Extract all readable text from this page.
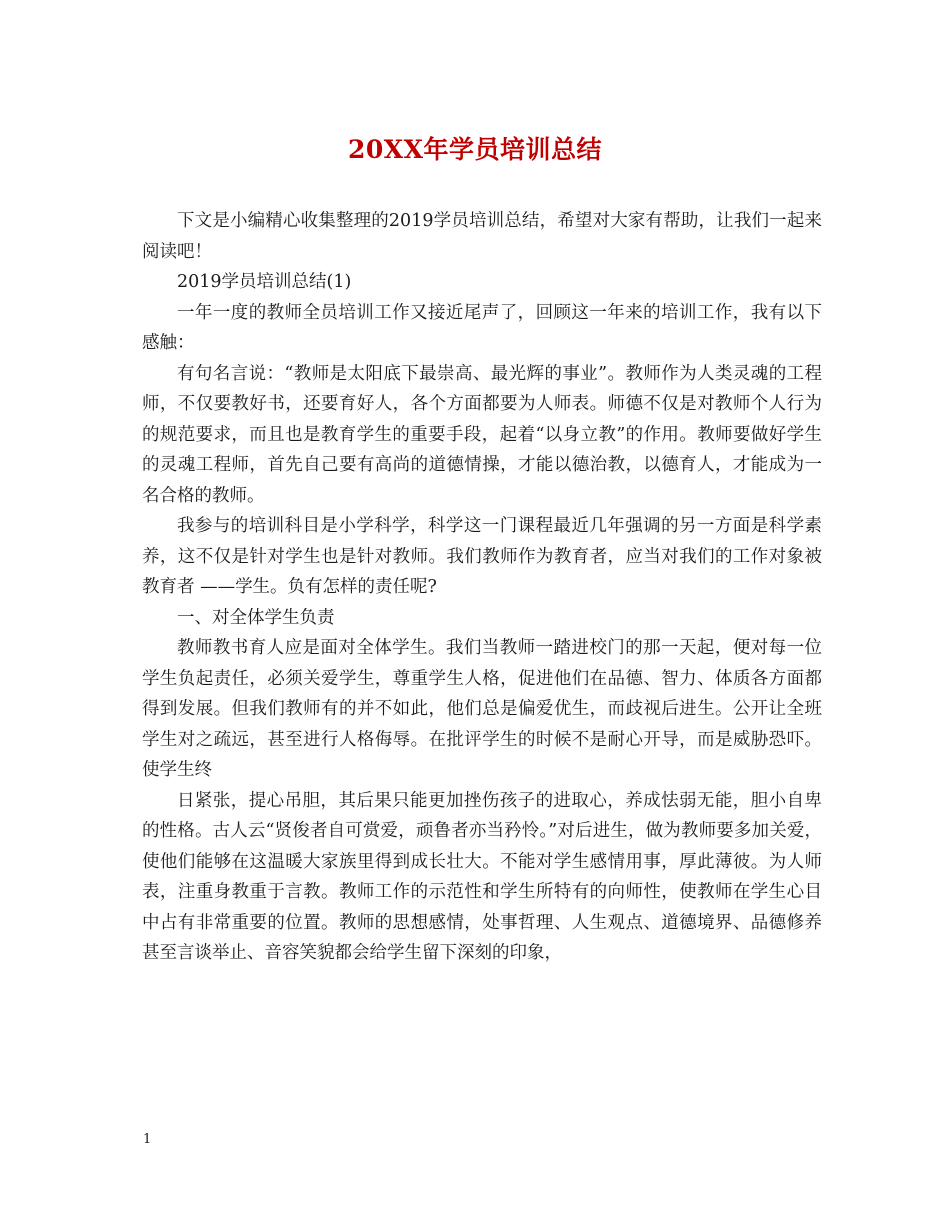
20XX年学员培训总结

下文是小编精心收集整理的2019学员培训总结，希望对大家有帮助，让我们一起来阅读吧！

2019学员培训总结(1)

一年一度的教师全员培训工作又接近尾声了，回顾这一年来的培训工作，我有以下感触：

有句名言说：“教师是太阳底下最崇高、最光辉的事业”。教师作为人类灵魂的工程师，不仅要教好书，还要育好人，各个方面都要为人师表。师德不仅是对教师个人行为的规范要求，而且也是教育学生的重要手段，起着“以身立教”的作用。教师要做好学生的灵魂工程师，首先自己要有高尚的道德情操，才能以德治教，以德育人，才能成为一名合格的教师。

我参与的培训科目是小学科学，科学这一门课程最近几年强调的另一方面是科学素养，这不仅是针对学生也是针对教师。我们教师作为教育者，应当对我们的工作对象被教育者 ——学生。负有怎样的责任呢?

一、对全体学生负责

教师教书育人应是面对全体学生。我们当教师一踏进校门的那一天起，便对每一位学生负起责任，必须关爱学生，尊重学生人格，促进他们在品德、智力、体质各方面都得到发展。但我们教师有的并不如此，他们总是偏爱优生，而歧视后进生。公开让全班学生对之疏远，甚至进行人格侮辱。在批评学生的时候不是耐心开导，而是威胁恐吓。使学生终

日紧张，提心吊胆，其后果只能更加挫伤孩子的进取心，养成怯弱无能，胆小自卑的性格。古人云“贤俊者自可赏爱，顽鲁者亦当矜怜。”对后进生，做为教师要多加关爱，使他们能够在这温暖大家族里得到成长壮大。不能对学生感情用事，厚此薄彼。为人师表，注重身教重于言教。教师工作的示范性和学生所特有的向师性，使教师在学生心目中占有非常重要的位置。教师的思想感情，处事哲理、人生观点、道德境界、品德修养甚至言谈举止、音容笑貌都会给学生留下深刻的印象，

1
